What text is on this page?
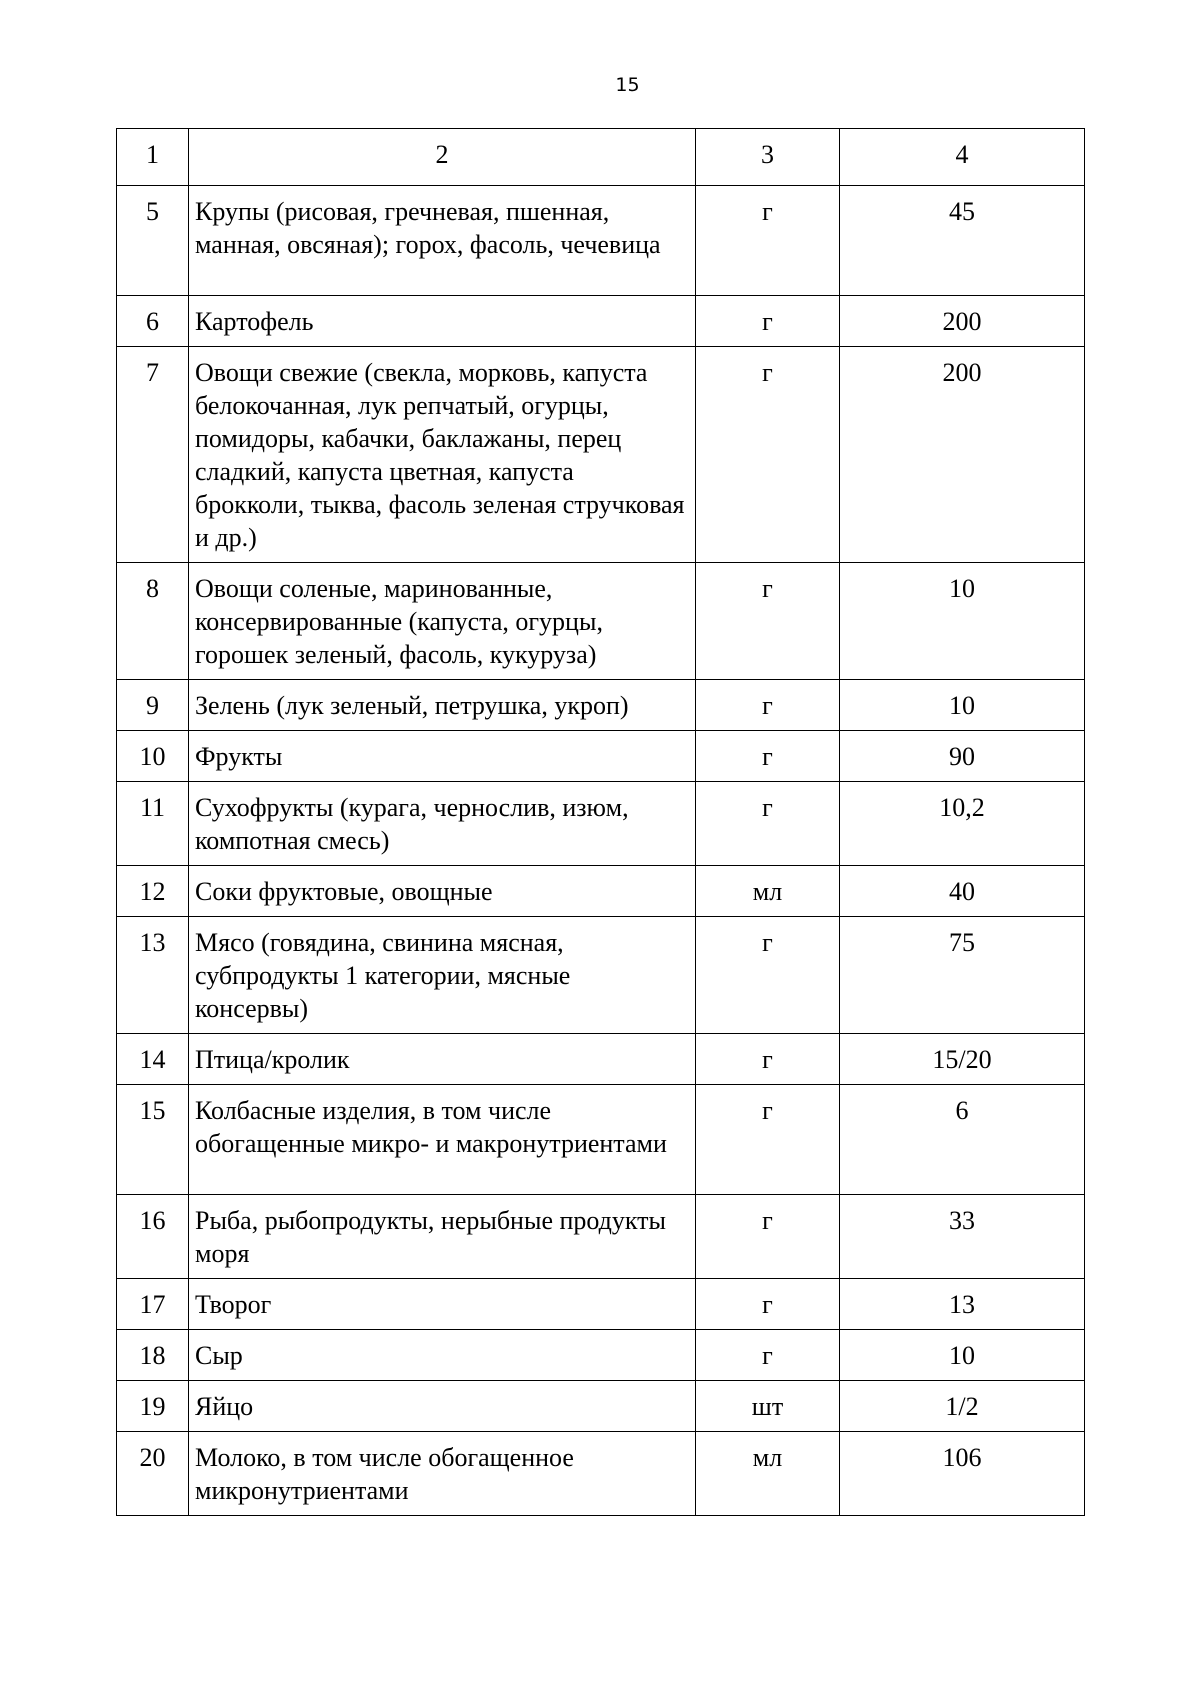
15
1	2	3	4
5	Крупы (рисовая, гречневая, пшенная, манная, овсяная); горох, фасоль, чечевица	г	45
6	Картофель	г	200
7	Овощи свежие (свекла, морковь, капуста белокочанная, лук репчатый, огурцы, помидоры, кабачки, баклажаны, перец сладкий, капуста цветная, капуста брокколи, тыква, фасоль зеленая стручковая и др.)	г	200
8	Овощи соленые, маринованные, консервированные (капуста, огурцы, горошек зеленый, фасоль, кукуруза)	г	10
9	Зелень (лук зеленый, петрушка, укроп)	г	10
10	Фрукты	г	90
11	Сухофрукты (курага, чернослив, изюм, компотная смесь)	г	10,2
12	Соки фруктовые, овощные	мл	40
13	Мясо (говядина, свинина мясная, субпродукты 1 категории, мясные консервы)	г	75
14	Птица/кролик	г	15/20
15	Колбасные изделия, в том числе обогащенные микро- и макронутриентами	г	6
16	Рыба, рыбопродукты, нерыбные продукты моря	г	33
17	Творог	г	13
18	Сыр	г	10
19	Яйцо	шт	1/2
20	Молоко, в том числе обогащенное микронутриентами	мл	106
